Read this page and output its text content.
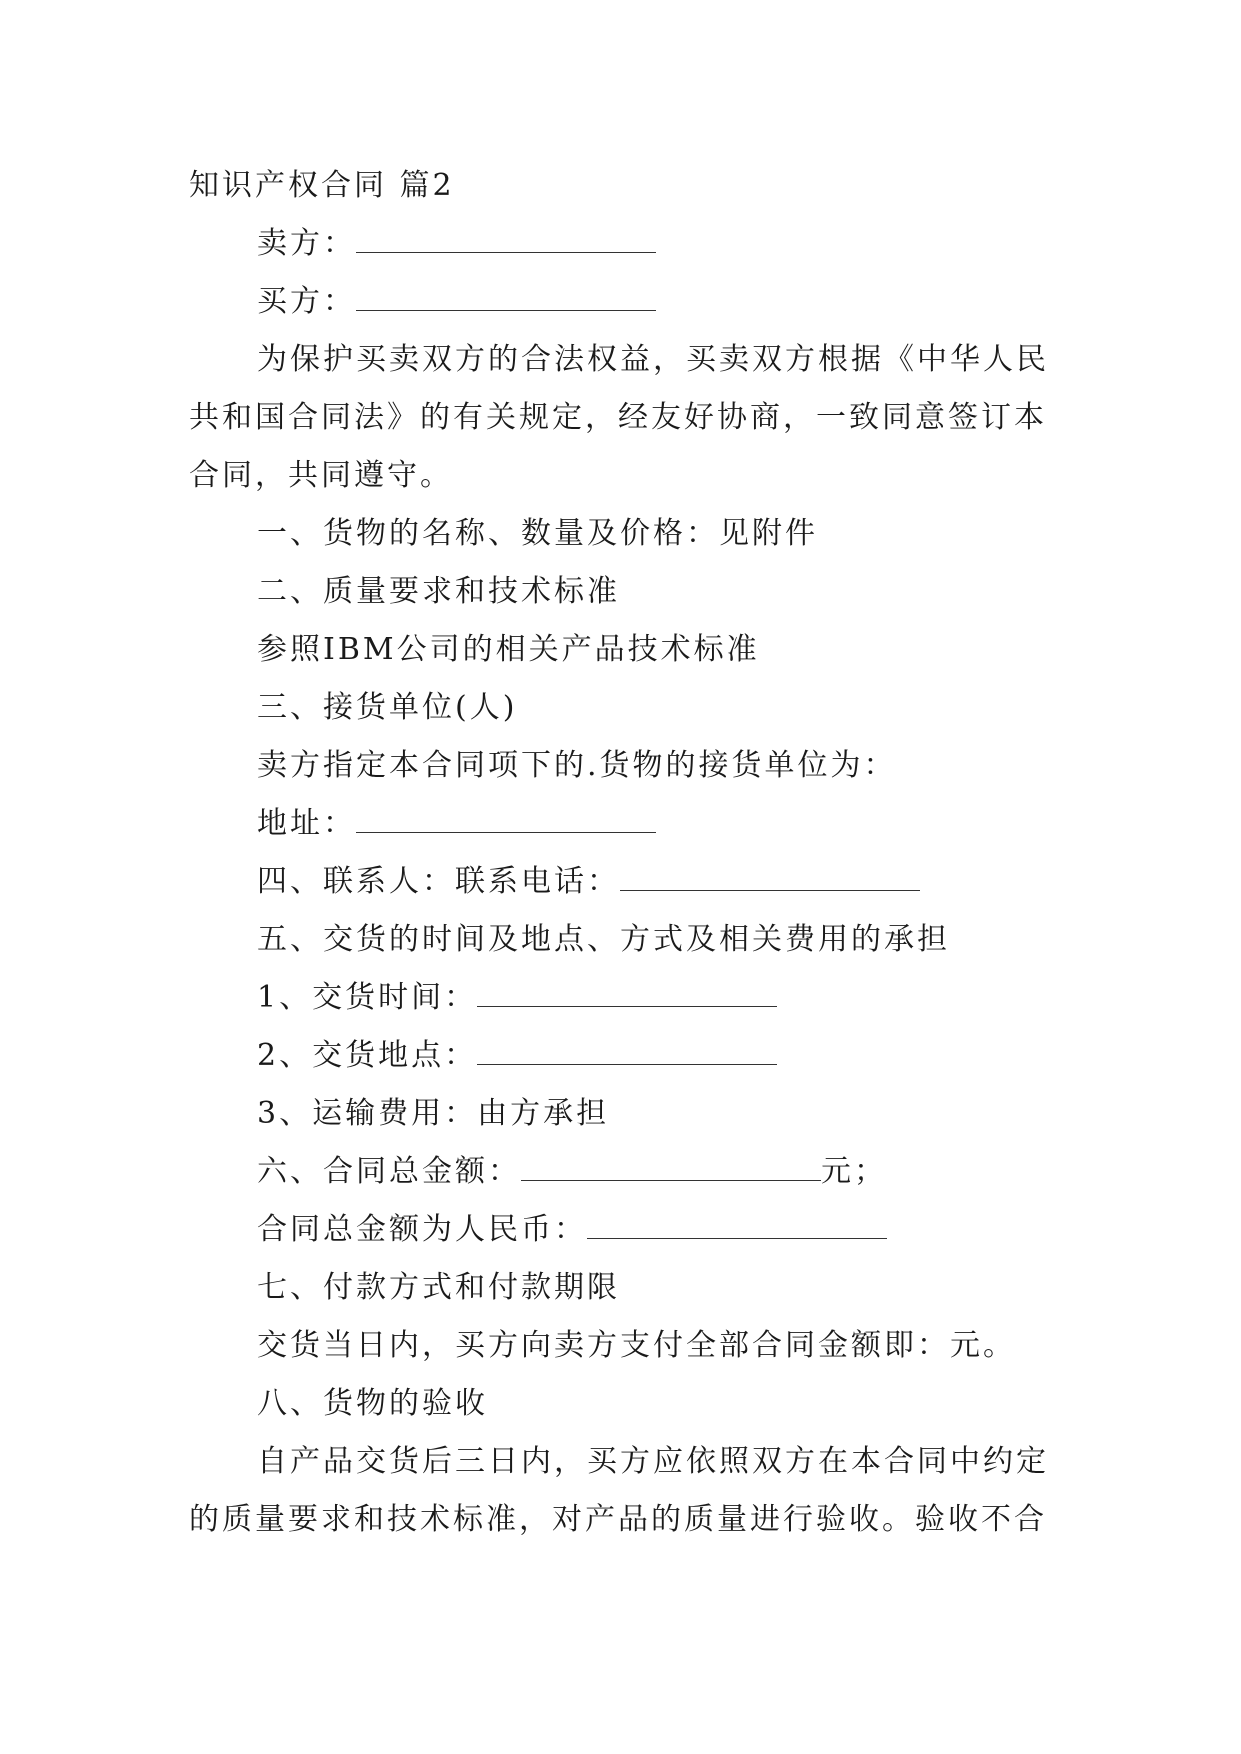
知识产权合同 篇2
卖方：
买方：
为保护买卖双方的合法权益，买卖双方根据《中华人民
共和国合同法》的有关规定，经友好协商，一致同意签订本
合同，共同遵守。
一、货物的名称、数量及价格：见附件
二、质量要求和技术标准
参照IBM公司的相关产品技术标准
三、接货单位(人)
卖方指定本合同项下的.货物的接货单位为：
地址：
四、联系人：联系电话：
五、交货的时间及地点、方式及相关费用的承担
1、交货时间：
2、交货地点：
3、运输费用：由方承担
六、合同总金额：	元；
合同总金额为人民币：
七、付款方式和付款期限
交货当日内，买方向卖方支付全部合同金额即：元。
八、货物的验收
自产品交货后三日内，买方应依照双方在本合同中约定
的质量要求和技术标准，对产品的质量进行验收。验收不合
